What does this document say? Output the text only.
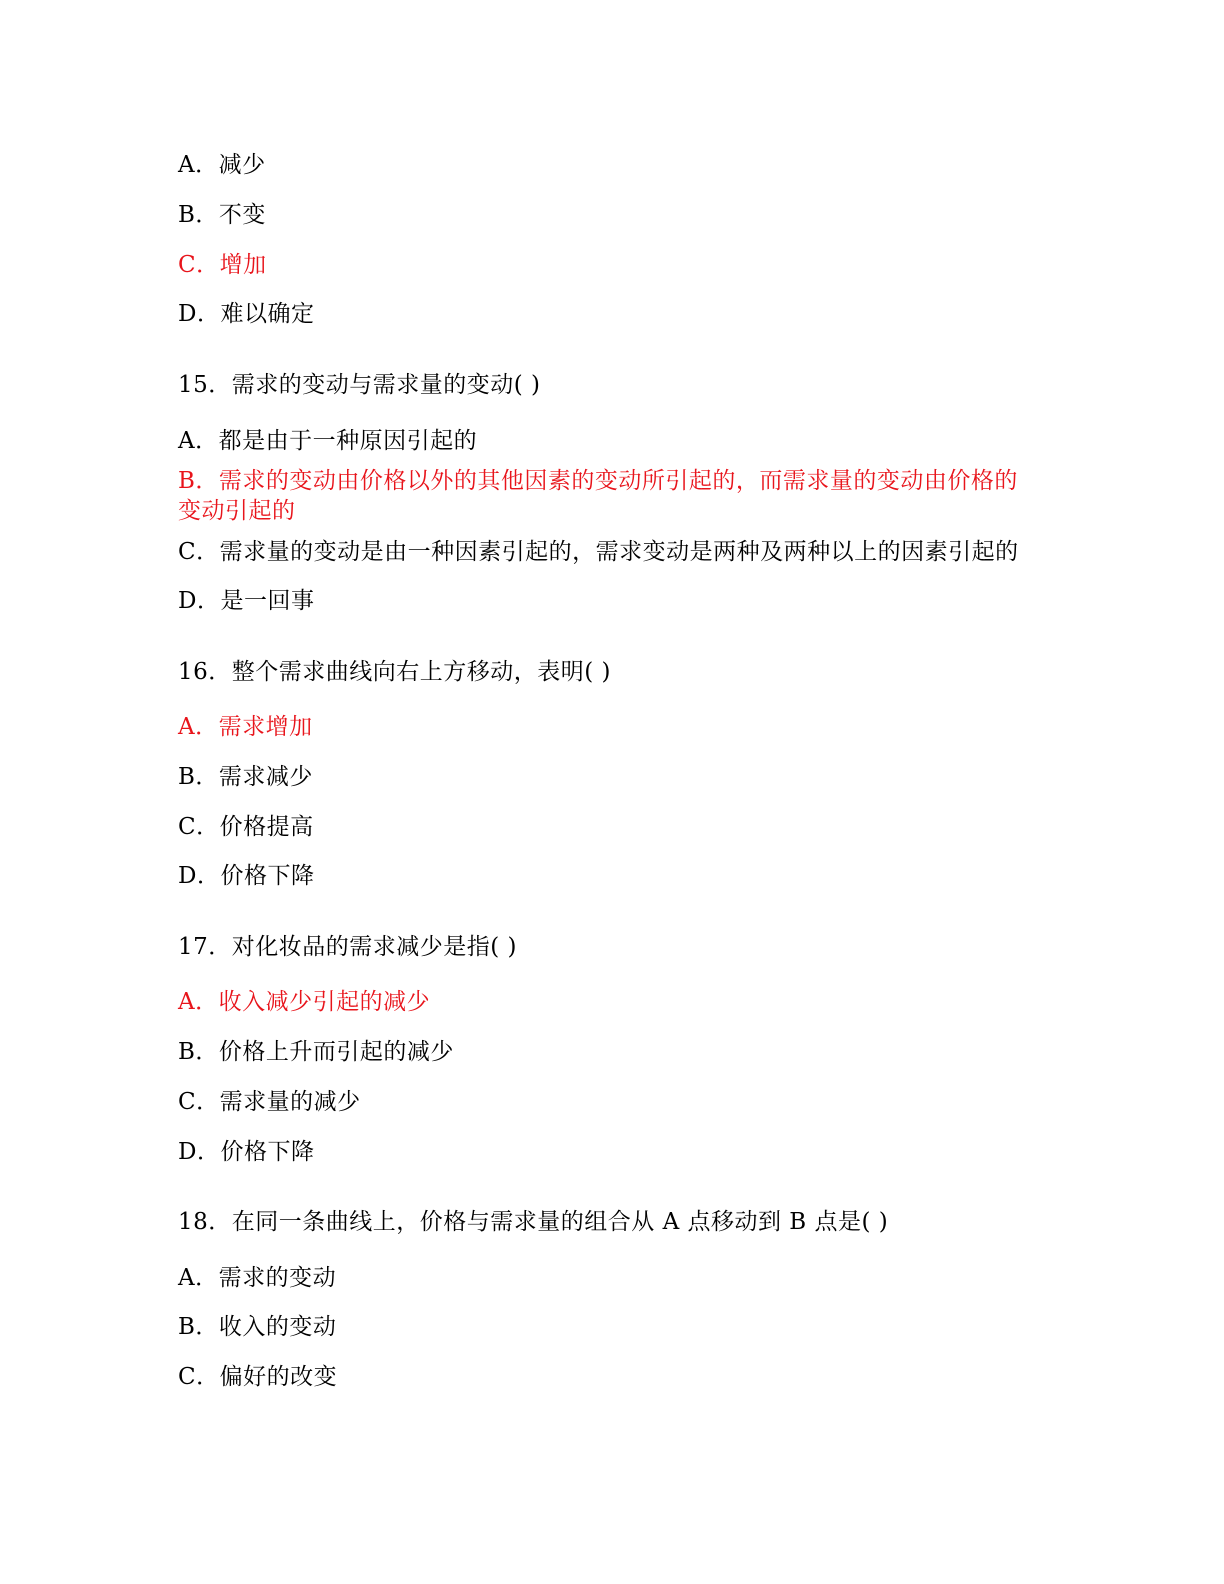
A．减少
B．不变
C．增加
D．难以确定
15．需求的变动与需求量的变动( )
A．都是由于一种原因引起的
B．需求的变动由价格以外的其他因素的变动所引起的，而需求量的变动由价格的变动引起的
C．需求量的变动是由一种因素引起的，需求变动是两种及两种以上的因素引起的
D．是一回事
16．整个需求曲线向右上方移动，表明( )
A．需求增加
B．需求减少
C．价格提高
D．价格下降
17．对化妆品的需求减少是指( )
A．收入减少引起的减少
B．价格上升而引起的减少
C．需求量的减少
D．价格下降
18．在同一条曲线上，价格与需求量的组合从 A 点移动到 B 点是( )
A．需求的变动
B．收入的变动
C．偏好的改变
